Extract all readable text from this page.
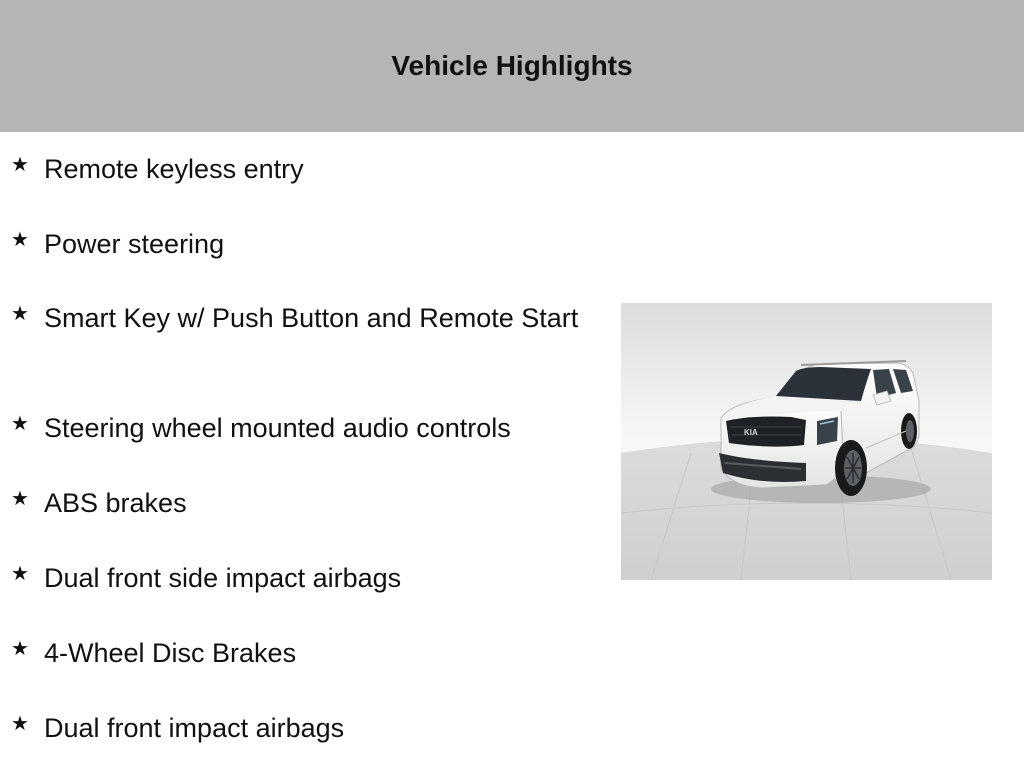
Vehicle Highlights
★ Remote keyless entry
★ Power steering
★ Smart Key w/ Push Button and Remote Start
★ Steering wheel mounted audio controls
★ ABS brakes
★ Dual front side impact airbags
★ 4-Wheel Disc Brakes
★ Dual front impact airbags
KIA
